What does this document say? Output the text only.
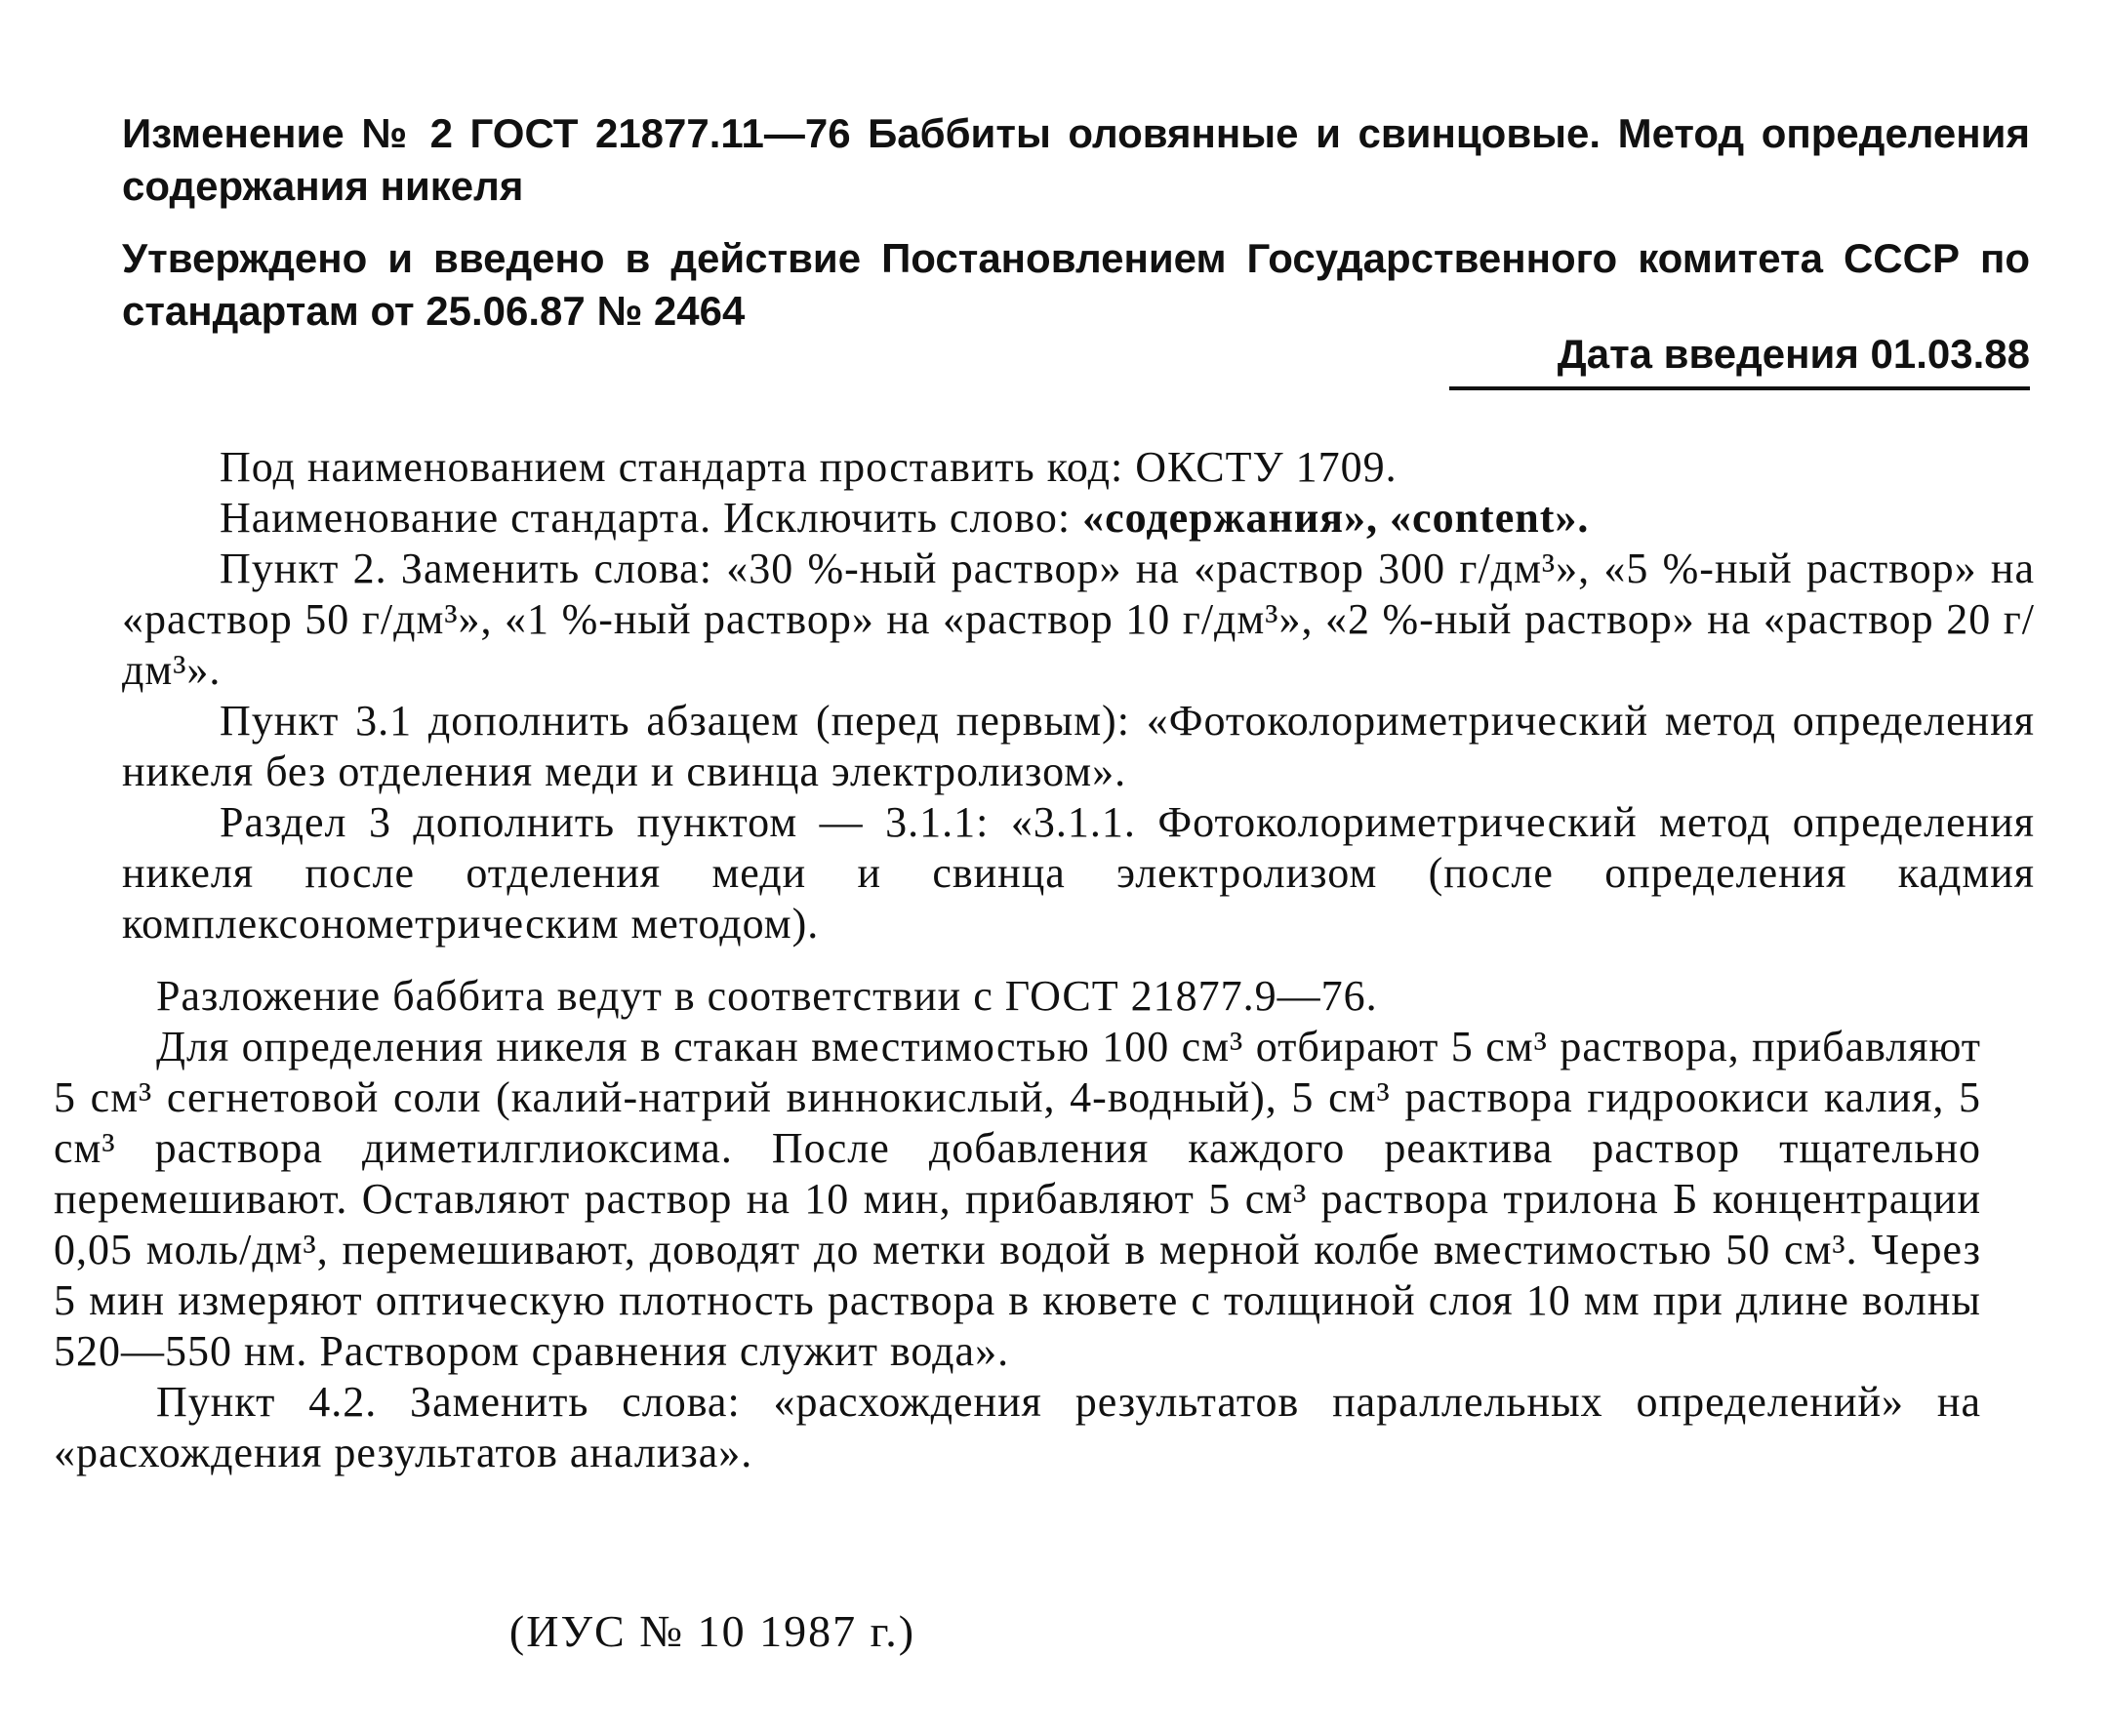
Изменение № 2 ГОСТ 21877.11—76 Баббиты оловянные и свинцовые. Метод определения содержания никеля

Утверждено и введено в действие Постановлением Государственного комитета СССР по стандартам от 25.06.87 № 2464

Дата введения 01.03.88

Под наименованием стандарта проставить код: ОКСТУ 1709.

Наименование стандарта. Исключить слово: «содержания», «content».

Пункт 2. Заменить слова: «30 %-ный раствор» на «раствор 300 г/дм³», «5 %-ный раствор» на «раствор 50 г/дм³», «1 %-ный раствор» на «раствор 10 г/дм³», «2 %-ный раствор» на «раствор 20 г/дм³».

Пункт 3.1 дополнить абзацем (перед первым): «Фотоколориметрический метод определения никеля без отделения меди и свинца электролизом».

Раздел 3 дополнить пунктом — 3.1.1: «3.1.1. Фотоколориметрический метод определения никеля после отделения меди и свинца электролизом (после определения кадмия комплексонометрическим методом).

Разложение баббита ведут в соответствии с ГОСТ 21877.9—76.

Для определения никеля в стакан вместимостью 100 см³ отбирают 5 см³ раствора, прибавляют 5 см³ сегнетовой соли (калий-натрий виннокислый, 4-водный), 5 см³ раствора гидроокиси калия, 5 см³ раствора диметилглиоксима. После добавления каждого реактива раствор тщательно перемешивают. Оставляют раствор на 10 мин, прибавляют 5 см³ раствора трилона Б концентрации 0,05 моль/дм³, перемешивают, доводят до метки водой в мерной колбе вместимостью 50 см³. Через 5 мин измеряют оптическую плотность раствора в кювете с толщиной слоя 10 мм при длине волны 520—550 нм. Раствором сравнения служит вода».

Пункт 4.2. Заменить слова: «расхождения результатов параллельных определений» на «расхождения результатов анализа».

(ИУС № 10 1987 г.)
